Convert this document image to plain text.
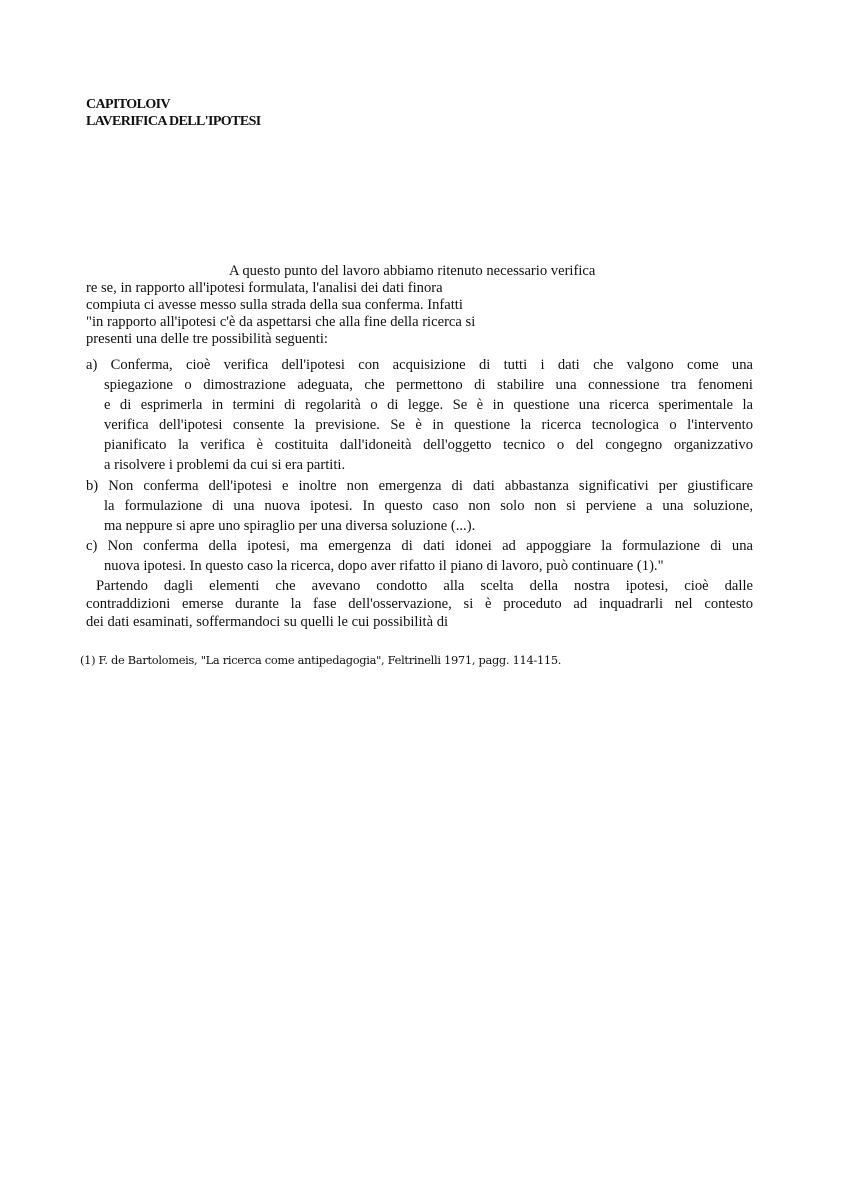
CAPITOLOIV
LAVERIFICA DELL'IPOTESI
A questo punto del lavoro abbiamo ritenuto necessario verifica
re se, in rapporto all'ipotesi formulata, l'analisi dei dati finora
compiuta ci avesse messo sulla strada della sua conferma. Infatti
"in rapporto all'ipotesi c'è da aspettarsi che alla fine della ricerca si
presenti una delle tre possibilità seguenti:
a) Conferma, cioè verifica dell'ipotesi con acquisizione di tutti i dati che valgono come una
spiegazione o dimostrazione adeguata, che permettono di stabilire una connessione tra fenomeni
e di esprimerla in termini di regolarità o di legge. Se è in questione una ricerca sperimentale la
verifica dell'ipotesi consente la previsione. Se è in questione la ricerca tecnologica o l'intervento
pianificato la verifica è costituita dall'idoneità dell'oggetto tecnico o del congegno organizzativo
a risolvere i problemi da cui si era partiti.
b) Non conferma dell'ipotesi e inoltre non emergenza di dati abbastanza significativi per giustificare
la formulazione di una nuova ipotesi. In questo caso non solo non si perviene a una soluzione,
ma neppure si apre uno spiraglio per una diversa soluzione (...).
c) Non conferma della ipotesi, ma emergenza di dati idonei ad appoggiare la formulazione di una
nuova ipotesi. In questo caso la ricerca, dopo aver rifatto il piano di lavoro, può continuare (1)."
Partendo dagli elementi che avevano condotto alla scelta della nostra ipotesi, cioè dalle
contraddizioni emerse durante la fase dell'osservazione, si è proceduto ad inquadrarli nel contesto
dei dati esaminati, soffermandoci su quelli le cui possibilità di
(1) F. de Bartolomeis, "La ricerca come antipedagogia", Feltrinelli 1971, pagg. 114-115.
